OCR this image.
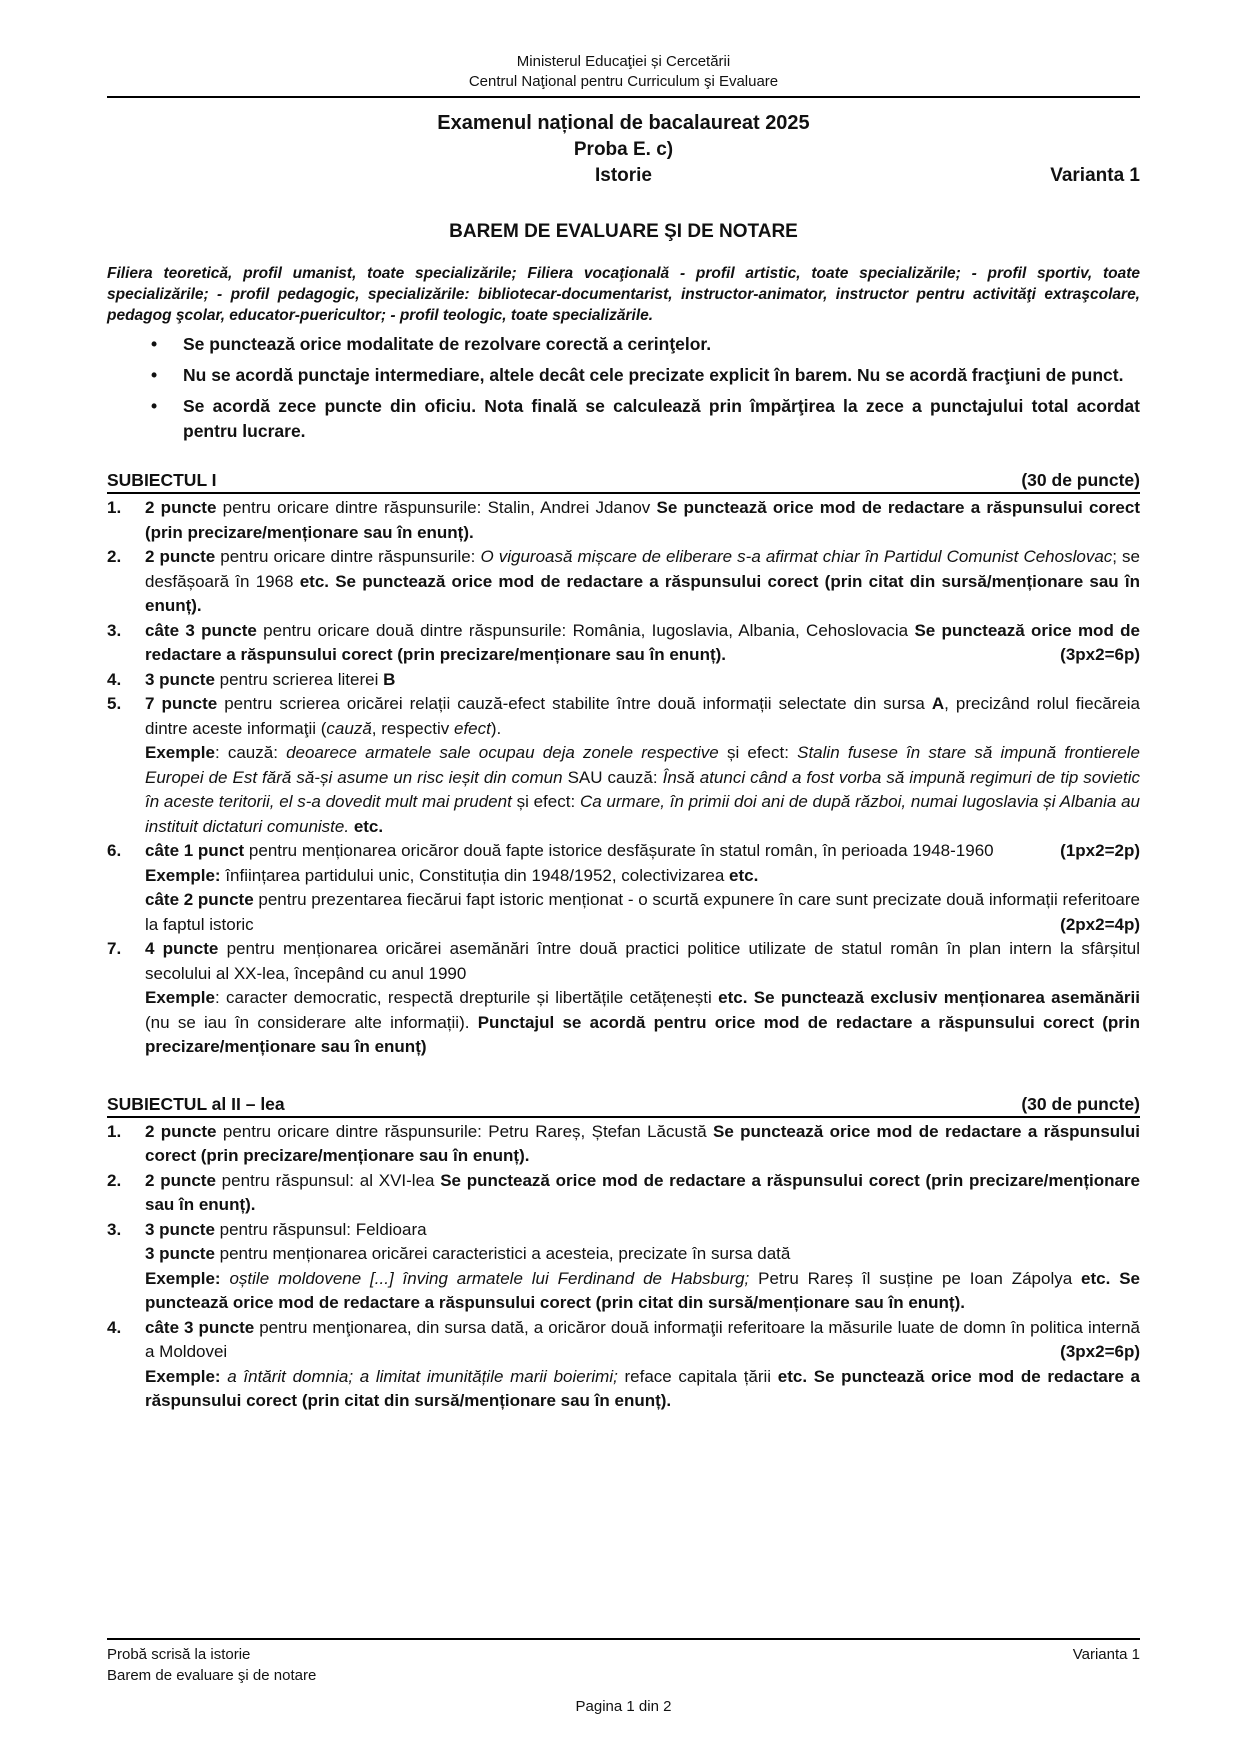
Ministerul Educaţiei și Cercetării
Centrul Naţional pentru Curriculum şi Evaluare
Examenul național de bacalaureat 2025
Proba E. c)
Istorie	Varianta 1
BAREM DE EVALUARE ŞI DE NOTARE
Filiera teoretică, profil umanist, toate specializările; Filiera vocaţională - profil artistic, toate specializările; - profil sportiv, toate specializările; - profil pedagogic, specializările: bibliotecar-documentarist, instructor-animator, instructor pentru activităţi extraşcolare, pedagog şcolar, educator-puericultor; - profil teologic, toate specializările.
•	Se punctează orice modalitate de rezolvare corectă a cerinţelor.
•	Nu se acordă punctaje intermediare, altele decât cele precizate explicit în barem. Nu se acordă fracţiuni de punct.
•	Se acordă zece puncte din oficiu. Nota finală se calculează prin împărţirea la zece a punctajului total acordat pentru lucrare.
SUBIECTUL I	(30 de puncte)
1.	2 puncte pentru oricare dintre răspunsurile: Stalin, Andrei Jdanov Se punctează orice mod de redactare a răspunsului corect (prin precizare/menționare sau în enunț).
2.	2 puncte pentru oricare dintre răspunsurile: O viguroasă mișcare de eliberare s-a afirmat chiar în Partidul Comunist Cehoslovac; se desfășoară în 1968 etc. Se punctează orice mod de redactare a răspunsului corect (prin citat din sursă/menționare sau în enunț).
3.	câte 3 puncte pentru oricare două dintre răspunsurile: România, Iugoslavia, Albania, Cehoslovacia Se punctează orice mod de redactare a răspunsului corect (prin precizare/menționare sau în enunț).	(3px2=6p)
4.	3 puncte pentru scrierea literei B
5.	7 puncte pentru scrierea oricărei relații cauză-efect stabilite între două informații selectate din sursa A, precizând rolul fiecăreia dintre aceste informaţii (cauză, respectiv efect).
Exemple: cauză: deoarece armatele sale ocupau deja zonele respective și efect: Stalin fusese în stare să impună frontierele Europei de Est fără să-și asume un risc ieșit din comun SAU cauză: Însă atunci când a fost vorba să impună regimuri de tip sovietic în aceste teritorii, el s-a dovedit mult mai prudent și efect: Ca urmare, în primii doi ani de după război, numai Iugoslavia și Albania au instituit dictaturi comuniste. etc.
6.	câte 1 punct pentru menționarea oricăror două fapte istorice desfășurate în statul român, în perioada 1948-1960	(1px2=2p)
Exemple: înființarea partidului unic, Constituția din 1948/1952, colectivizarea etc.
câte 2 puncte pentru prezentarea fiecărui fapt istoric menționat - o scurtă expunere în care sunt precizate două informații referitoare la faptul istoric	(2px2=4p)
7.	4 puncte pentru menționarea oricărei asemănări între două practici politice utilizate de statul român în plan intern la sfârșitul secolului al XX-lea, începând cu anul 1990
Exemple: caracter democratic, respectă drepturile și libertățile cetățenești etc. Se punctează exclusiv menționarea asemănării (nu se iau în considerare alte informații). Punctajul se acordă pentru orice mod de redactare a răspunsului corect (prin precizare/menționare sau în enunț)
SUBIECTUL al II – lea	(30 de puncte)
1.	2 puncte pentru oricare dintre răspunsurile: Petru Rareș, Ștefan Lăcustă Se punctează orice mod de redactare a răspunsului corect (prin precizare/menționare sau în enunț).
2.	2 puncte pentru răspunsul: al XVI-lea Se punctează orice mod de redactare a răspunsului corect (prin precizare/menționare sau în enunț).
3.	3 puncte pentru răspunsul: Feldioara
3 puncte pentru menționarea oricărei caracteristici a acesteia, precizate în sursa dată
Exemple: oștile moldovene [...] înving armatele lui Ferdinand de Habsburg; Petru Rareș îl susține pe Ioan Zápolya etc. Se punctează orice mod de redactare a răspunsului corect (prin citat din sursă/menționare sau în enunț).
4.	câte 3 puncte pentru menţionarea, din sursa dată, a oricăror două informaţii referitoare la măsurile luate de domn în politica internă a Moldovei	(3px2=6p)
Exemple: a întărit domnia; a limitat imunitățile marii boierimi; reface capitala țării etc. Se punctează orice mod de redactare a răspunsului corect (prin citat din sursă/menționare sau în enunț).
Probă scrisă la istorie	Varianta 1
Barem de evaluare şi de notare
Pagina 1 din 2
